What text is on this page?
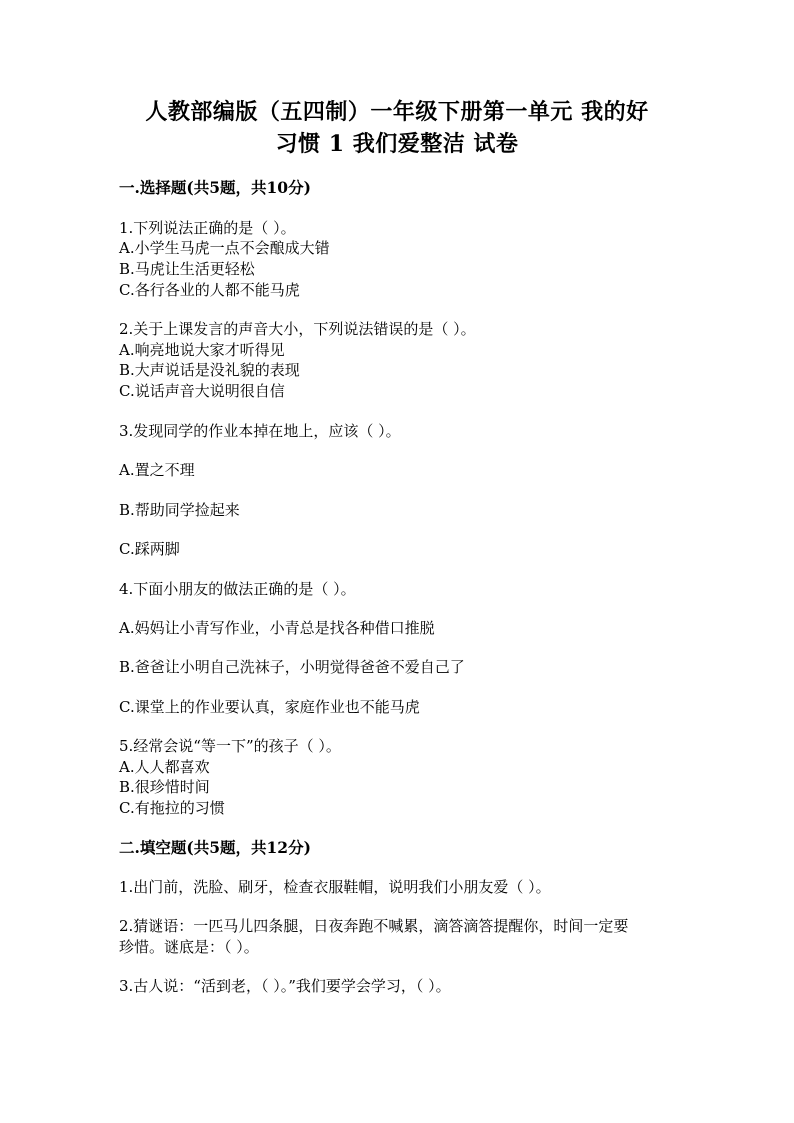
人教部编版（五四制）一年级下册第一单元 我的好
习惯 1 我们爱整洁 试卷
一.选择题(共5题，共10分)
1.下列说法正确的是（ ）。
A.小学生马虎一点不会酿成大错
B.马虎让生活更轻松
C.各行各业的人都不能马虎
2.关于上课发言的声音大小，下列说法错误的是（ ）。
A.响亮地说大家才听得见
B.大声说话是没礼貌的表现
C.说话声音大说明很自信
3.发现同学的作业本掉在地上，应该（ ）。
A.置之不理
B.帮助同学捡起来
C.踩两脚
4.下面小朋友的做法正确的是（ ）。
A.妈妈让小青写作业，小青总是找各种借口推脱
B.爸爸让小明自己洗袜子，小明觉得爸爸不爱自己了
C.课堂上的作业要认真，家庭作业也不能马虎
5.经常会说“等一下”的孩子（ ）。
A.人人都喜欢
B.很珍惜时间
C.有拖拉的习惯
二.填空题(共5题，共12分)
1.出门前，洗脸、刷牙，检查衣服鞋帽，说明我们小朋友爱（ ）。
2.猜谜语：一匹马儿四条腿，日夜奔跑不喊累，滴答滴答提醒你，时间一定要
珍惜。谜底是：（ ）。
3.古人说：“活到老，（ ）。”我们要学会学习，（ ）。
